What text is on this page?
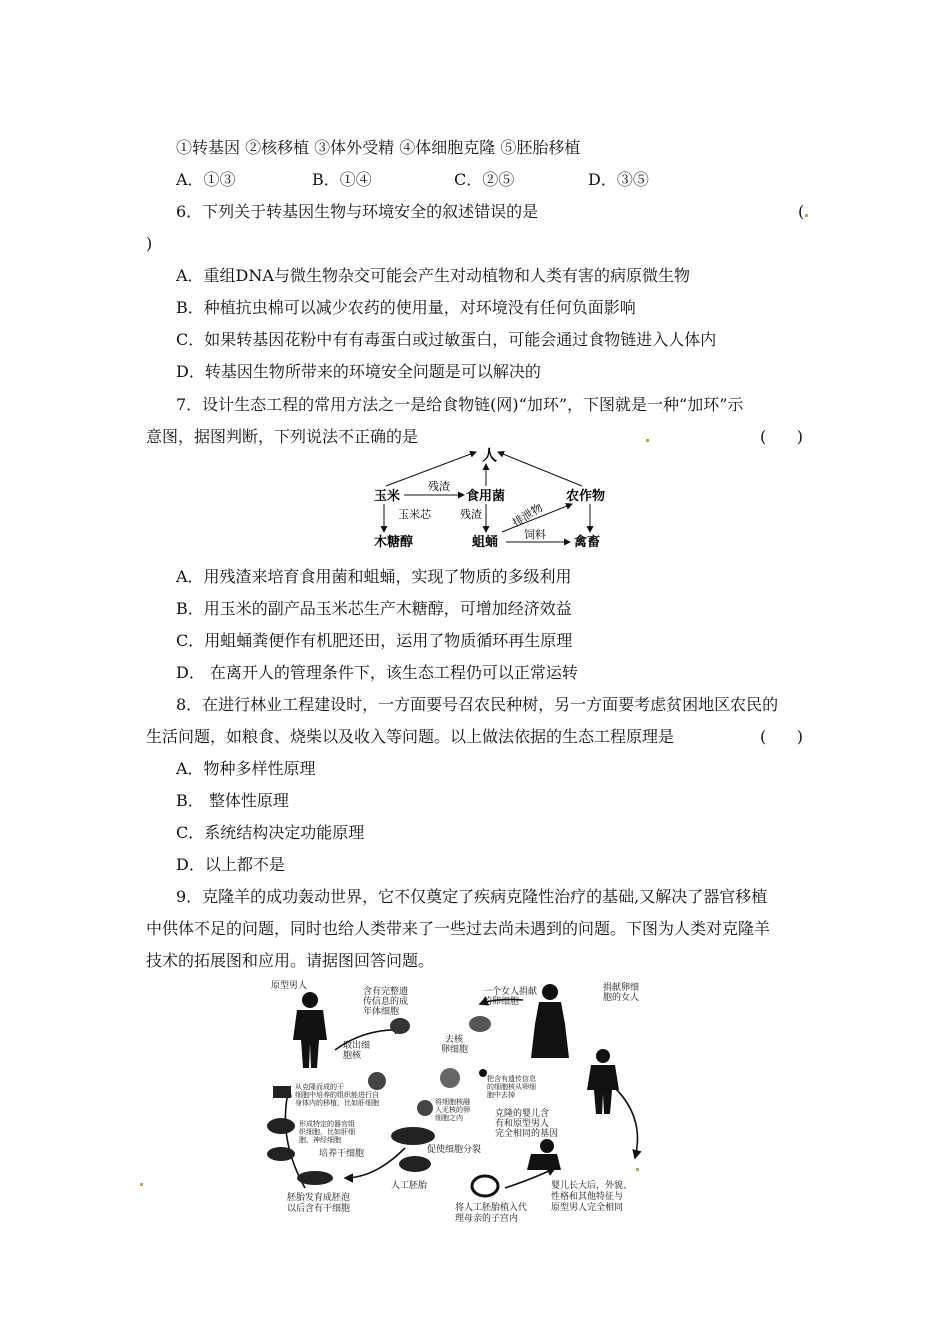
①转基因 ②核移植 ③体外受精 ④体细胞克隆 ⑤胚胎移植
A．①③	B．①④	C．②⑤	D．③⑤
6．下列关于转基因生物与环境安全的叙述错误的是	(
)
A．重组DNA与微生物杂交可能会产生对动植物和人类有害的病原微生物
B．种植抗虫棉可以减少农药的使用量，对环境没有任何负面影响
C．如果转基因花粉中有有毒蛋白或过敏蛋白，可能会通过食物链进入人体内
D．转基因生物所带来的环境安全问题是可以解决的
7．设计生态工程的常用方法之一是给食物链(网)“加环”，下图就是一种“加环”示
意图，据图判断，下列说法不正确的是	(      )
人
玉米
残渣
食用菌	农作物
玉米芯	残渣	排泄物
木糖醇	蛆蛹
饲料
禽畜
A．用残渣来培育食用菌和蛆蛹，实现了物质的多级利用
B．用玉米的副产品玉米芯生产木糖醇，可增加经济效益
C．用蛆蛹粪便作有机肥还田，运用了物质循环再生原理
D． 在离开人的管理条件下，该生态工程仍可以正常运转
8．在进行林业工程建设时，一方面要号召农民种树，另一方面要考虑贫困地区农民的
生活问题，如粮食、烧柴以及收入等问题。以上做法依据的生态工程原理是	(      )
A．物种多样性原理
B． 整体性原理
C．系统结构决定功能原理
D．以上都不是
9．克隆羊的成功轰动世界，它不仅奠定了疾病克隆性治疗的基础,又解决了器官移植
中供体不足的问题，同时也给人类带来了一些过去尚未遇到的问题。下图为人类对克隆羊
技术的拓展图和应用。请据图回答问题。
原型男人
含有完整遗
传信息的成
年体细胞
一个女人捐献
的卵细胞
捐献卵细
胞的女人
取出细
胞核
去核
卵细胞
把含有遗传信息
的细胞核从卵细
胞中去掉
从克隆而成的干
细胞中培养的组织能进行自
身体内的移植，比如肝细胞	将细胞核融
入无核的卵
细胞之内
形成特定的器官组
织细胞，比如肝细
胞、神经细胞
克隆的婴儿含
有和原型男人
完全相同的基因
培养干细胞	促使细胞分裂
人工胚胎
胚胎发育成胚泡
以后含有干细胞	将人工胚胎植入代
理母亲的子宫内
婴儿长大后，外貌、
性格和其他特征与
原型男人完全相同
